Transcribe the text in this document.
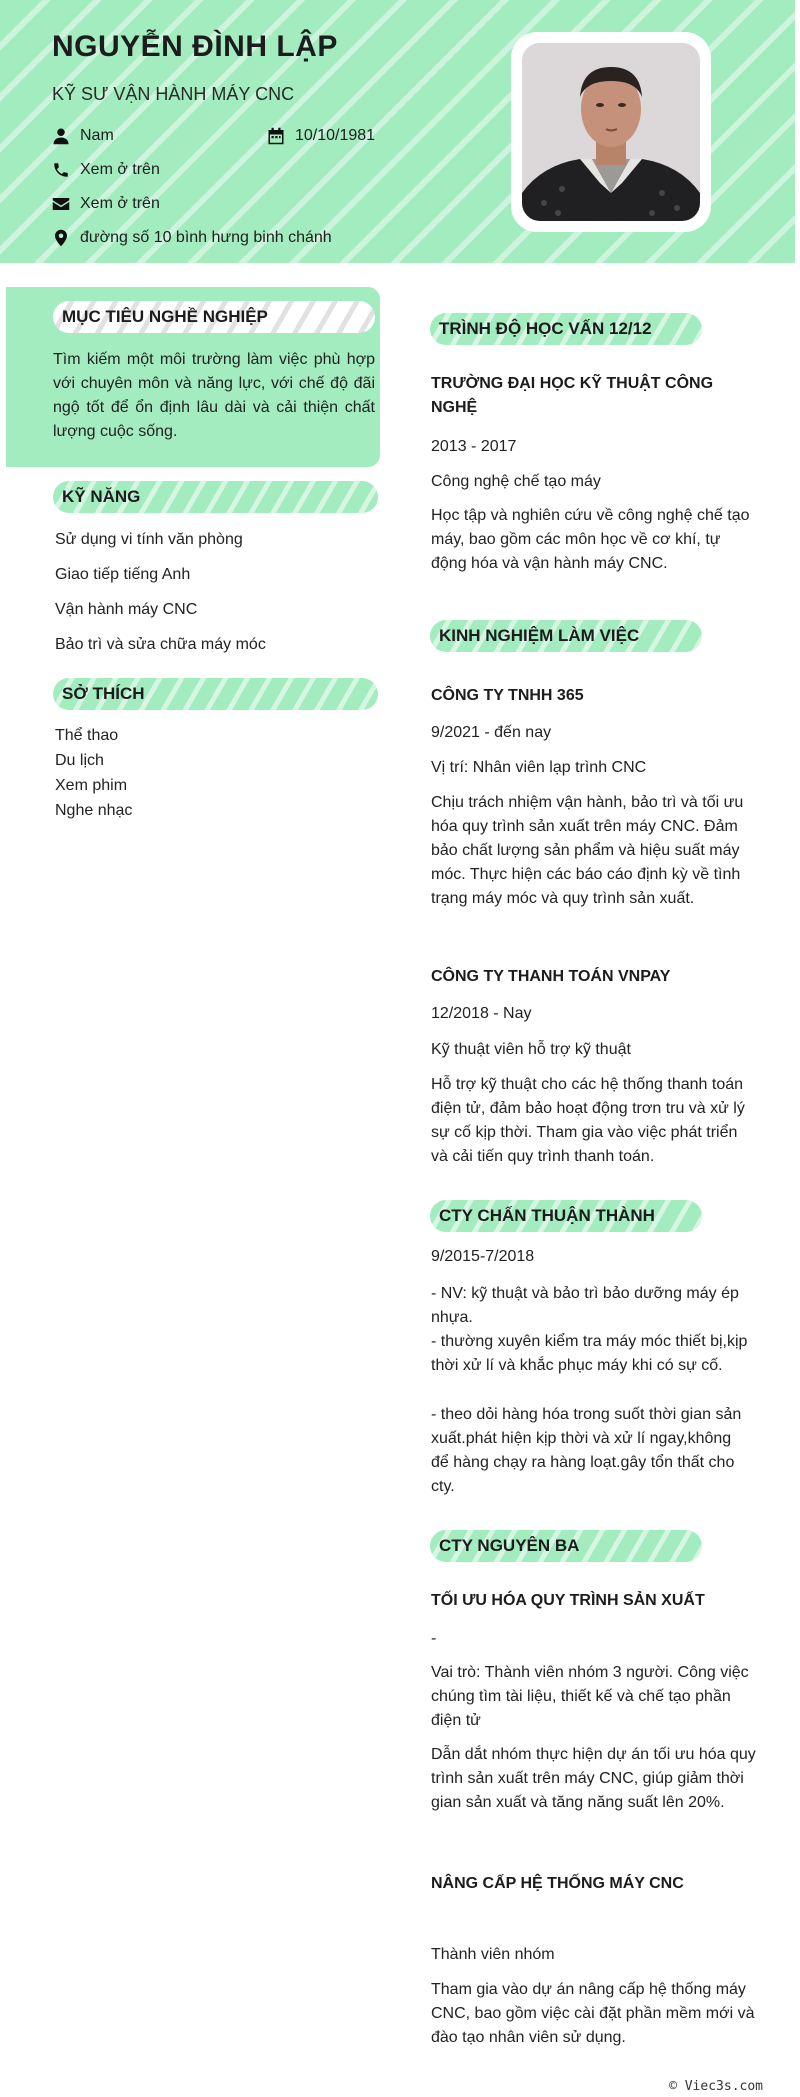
NGUYỄN ĐÌNH LẬP
KỸ SƯ VẬN HÀNH MÁY CNC
Nam	10/10/1981
Xem ở trên
Xem ở trên
đường số 10 bình hưng binh chánh
MỤC TIÊU NGHỀ NGHIỆP
Tìm kiếm một môi trường làm việc phù hợp với chuyên môn và năng lực, với chế độ đãi ngộ tốt để ổn định lâu dài và cải thiện chất lượng cuộc sống.
KỸ NĂNG
Sử dụng vi tính văn phòng
Giao tiếp tiếng Anh
Vận hành máy CNC
Bảo trì và sửa chữa máy móc
SỞ THÍCH
Thể thao
Du lịch
Xem phim
Nghe nhạc
TRÌNH ĐỘ HỌC VẤN 12/12
TRƯỜNG ĐẠI HỌC KỸ THUẬT CÔNG NGHỆ
2013 - 2017
Công nghệ chế tạo máy
Học tập và nghiên cứu về công nghệ chế tạo máy, bao gồm các môn học về cơ khí, tự động hóa và vận hành máy CNC.
KINH NGHIỆM LÀM VIỆC
CÔNG TY TNHH 365
9/2021 - đến nay
Vị trí: Nhân viên lạp trình CNC
Chịu trách nhiệm vận hành, bảo trì và tối ưu hóa quy trình sản xuất trên máy CNC. Đảm bảo chất lượng sản phẩm và hiệu suất máy móc. Thực hiện các báo cáo định kỳ về tình trạng máy móc và quy trình sản xuất.
CÔNG TY THANH TOÁN VNPAY
12/2018 - Nay
Kỹ thuật viên hỗ trợ kỹ thuật
Hỗ trợ kỹ thuật cho các hệ thống thanh toán điện tử, đảm bảo hoạt động trơn tru và xử lý sự cố kịp thời. Tham gia vào việc phát triển và cải tiến quy trình thanh toán.
CTY CHẤN THUẬN THÀNH
9/2015-7/2018
- NV: kỹ thuật và bảo trì bảo dưỡng máy ép nhựa.
- thường xuyên kiểm tra máy móc thiết bị,kịp thời xử lí và khắc phục máy khi có sự cố.
- theo dỏi hàng hóa trong suốt thời gian sản xuất.phát hiện kịp thời và xử lí ngay,không để hàng chạy ra hàng loạt.gây tổn thất cho cty.
CTY NGUYÊN BA
TỐI ƯU HÓA QUY TRÌNH SẢN XUẤT
-
Vai trò: Thành viên nhóm 3 người. Công việc chúng tìm tài liệu, thiết kế và chế tạo phần điện tử
Dẫn dắt nhóm thực hiện dự án tối ưu hóa quy trình sản xuất trên máy CNC, giúp giảm thời gian sản xuất và tăng năng suất lên 20%.
NÂNG CẤP HỆ THỐNG MÁY CNC
Thành viên nhóm
Tham gia vào dự án nâng cấp hệ thống máy CNC, bao gồm việc cài đặt phần mềm mới và đào tạo nhân viên sử dụng.
© Viec3s.com
